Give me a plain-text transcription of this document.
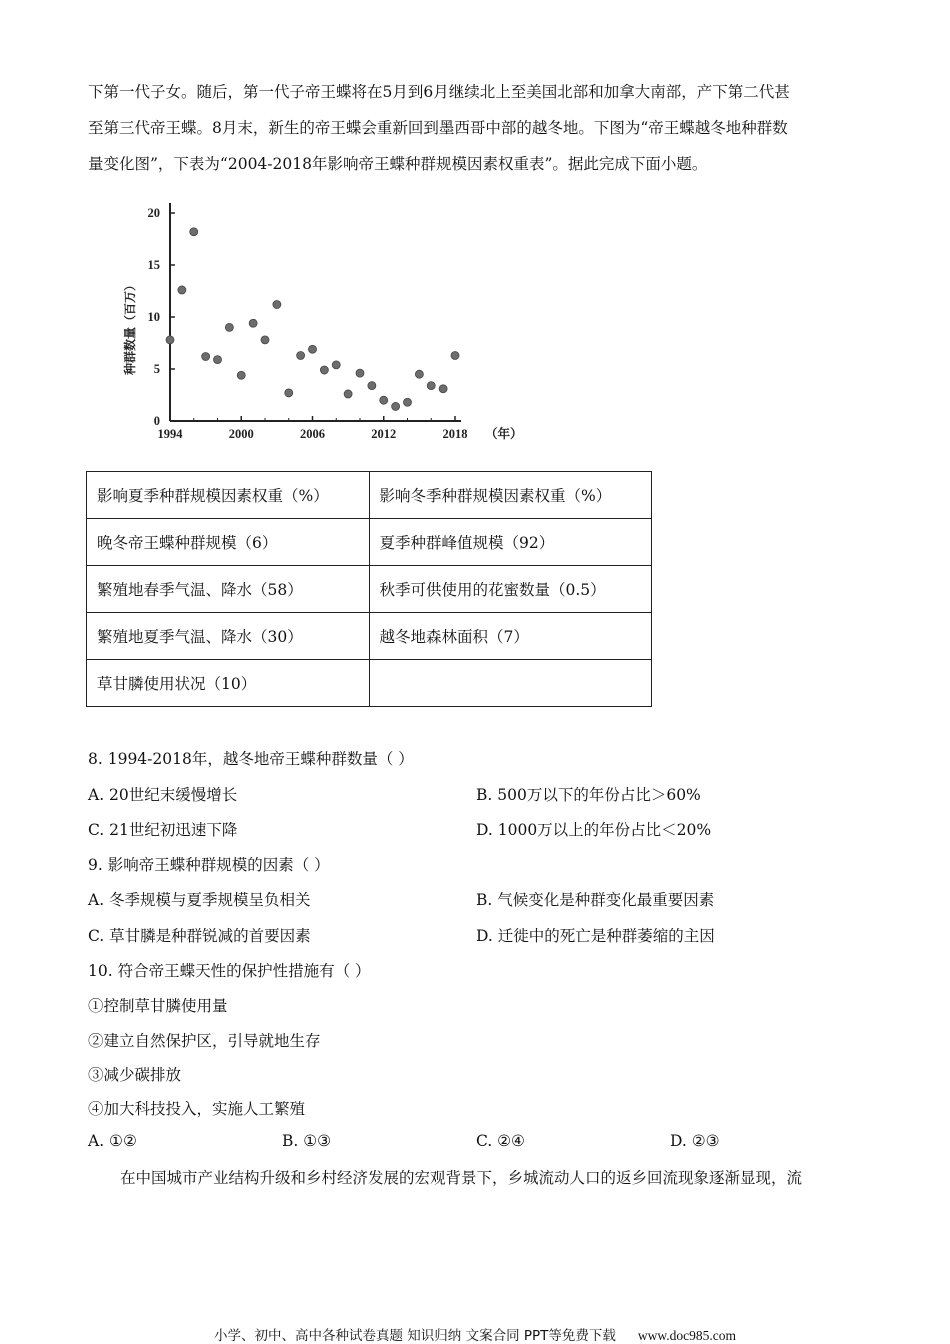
下第一代子女。随后，第一代子帝王蝶将在5月到6月继续北上至美国北部和加拿大南部，产下第二代甚

至第三代帝王蝶。8月末，新生的帝王蝶会重新回到墨西哥中部的越冬地。下图为“帝王蝶越冬地种群数

量变化图”，下表为“2004-2018年影响帝王蝶种群规模因素权重表”。据此完成下面小题。

0
5
10
15
20
1994	2000	2006	2012	2018 （年）
种群数量（百万）
影响夏季种群规模因素权重（%）	影响冬季种群规模因素权重（%）
晚冬帝王蝶种群规模（6）	夏季种群峰值规模（92）
繁殖地春季气温、降水（58）	秋季可供使用的花蜜数量（0.5）
繁殖地夏季气温、降水（30）	越冬地森林面积（7）
草甘膦使用状况（10）	

8. 1994-2018年，越冬地帝王蝶种群数量（ ）

A. 20世纪末缓慢增长	B. 500万以下的年份占比＞60%

C. 21世纪初迅速下降	D. 1000万以上的年份占比＜20%

9. 影响帝王蝶种群规模的因素（ ）

A. 冬季规模与夏季规模呈负相关	B. 气候变化是种群变化最重要因素

C. 草甘膦是种群锐减的首要因素	D. 迁徙中的死亡是种群萎缩的主因

10. 符合帝王蝶天性的保护性措施有（ ）

①控制草甘膦使用量

②建立自然保护区，引导就地生存

③减少碳排放

④加大科技投入，实施人工繁殖

A. ①②	B. ①③	C. ②④	D. ②③

在中国城市产业结构升级和乡村经济发展的宏观背景下，乡城流动人口的返乡回流现象逐渐显现，流

小学、初中、高中各种试卷真题 知识归纳 文案合同 PPT等免费下载 www.doc985.com
